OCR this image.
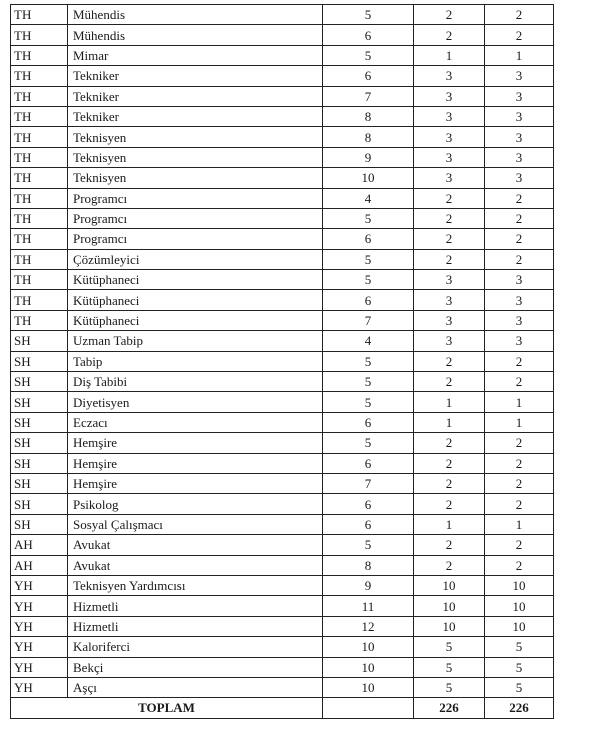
TH	Mühendis	5	2	2
TH	Mühendis	6	2	2
TH	Mimar	5	1	1
TH	Tekniker	6	3	3
TH	Tekniker	7	3	3
TH	Tekniker	8	3	3
TH	Teknisyen	8	3	3
TH	Teknisyen	9	3	3
TH	Teknisyen	10	3	3
TH	Programcı	4	2	2
TH	Programcı	5	2	2
TH	Programcı	6	2	2
TH	Çözümleyici	5	2	2
TH	Kütüphaneci	5	3	3
TH	Kütüphaneci	6	3	3
TH	Kütüphaneci	7	3	3
SH	Uzman Tabip	4	3	3
SH	Tabip	5	2	2
SH	Diş Tabibi	5	2	2
SH	Diyetisyen	5	1	1
SH	Eczacı	6	1	1
SH	Hemşire	5	2	2
SH	Hemşire	6	2	2
SH	Hemşire	7	2	2
SH	Psikolog	6	2	2
SH	Sosyal Çalışmacı	6	1	1
AH	Avukat	5	2	2
AH	Avukat	8	2	2
YH	Teknisyen Yardımcısı	9	10	10
YH	Hizmetli	11	10	10
YH	Hizmetli	12	10	10
YH	Kaloriferci	10	5	5
YH	Bekçi	10	5	5
YH	Aşçı	10	5	5
TOPLAM			226	226
